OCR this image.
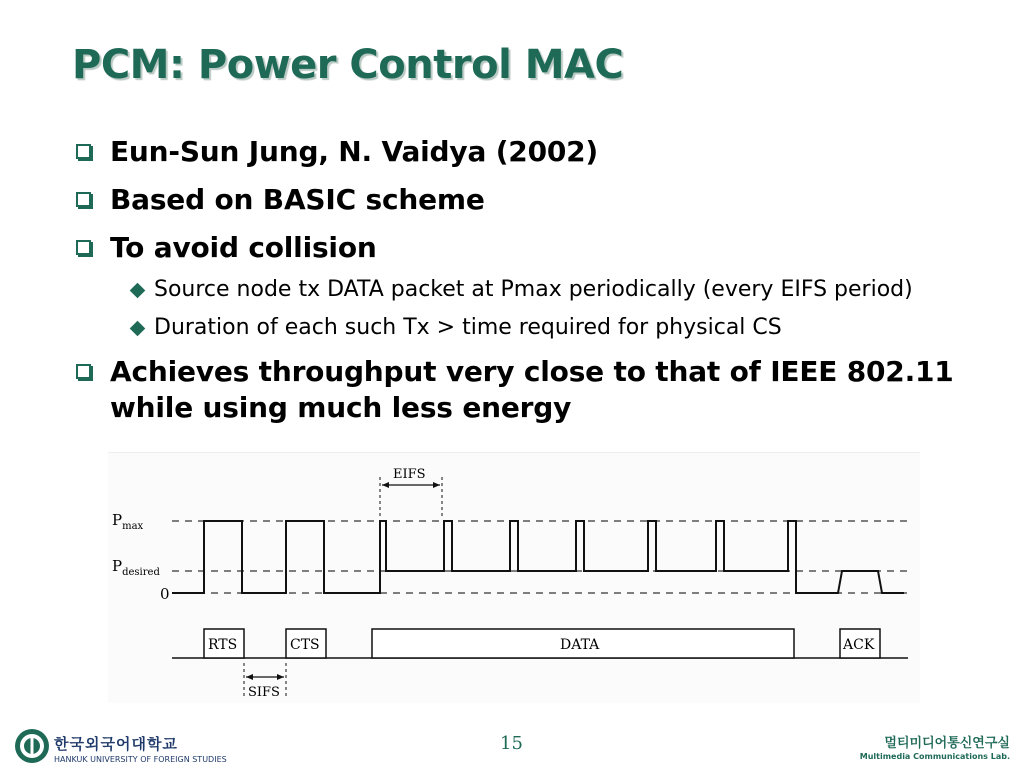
PCM: Power Control MAC
Eun-Sun Jung, N. Vaidya (2002)
Based on BASIC scheme
To avoid collision
Source node tx DATA packet at Pmax periodically (every EIFS period)
Duration of each such Tx > time required for physical CS
Achieves throughput very close to that of IEEE 802.11 while using much less energy
$P_{max}$
$P_{desired}$
0
EIFS
RTS	CTS	DATA	ACK
SIFS
한국외국어대학교
HANKUK UNIVERSITY OF FOREIGN STUDIES
15	멀티미디어통신연구실
Multimedia Communications Lab.
